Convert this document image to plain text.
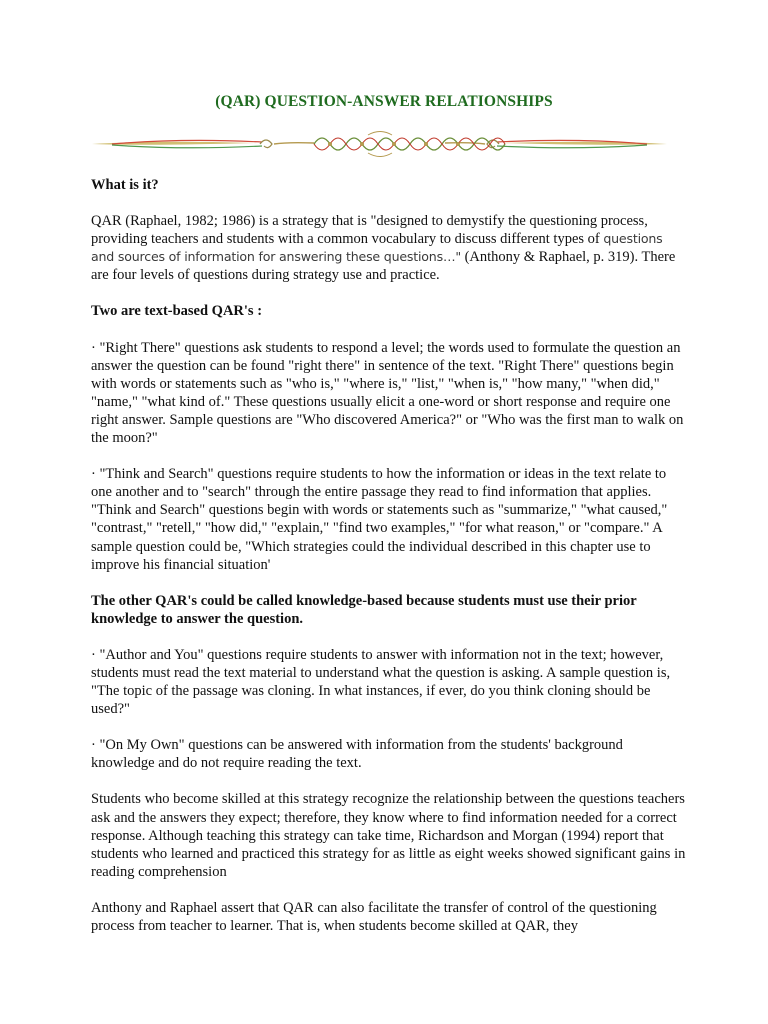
(QAR) QUESTION-ANSWER RELATIONSHIPS

What is it?

QAR (Raphael, 1982; 1986) is a strategy that is "designed to demystify the questioning process, providing teachers and students with a common vocabulary to discuss different types of questions and sources of information for answering these questions…" (Anthony & Raphael, p. 319). There are four levels of questions during strategy use and practice.

Two are text-based QAR's :

· "Right There" questions ask students to respond a level; the words used to formulate the question an answer the question can be found "right there" in sentence of the text. "Right There" questions begin with words or statements such as "who is," "where is," "list," "when is," "how many," "when did," "name," "what kind of." These questions usually elicit a one-word or short response and require one right answer. Sample questions are "Who discovered America?" or "Who was the first man to walk on the moon?"

· "Think and Search" questions require students to how the information or ideas in the text relate to one another and to "search" through the entire passage they read to find information that applies. "Think and Search" questions begin with words or statements such as "summarize," "what caused," "contrast," "retell," "how did," "explain," "find two examples," "for what reason," or "compare." A sample question could be, "Which strategies could the individual described in this chapter use to improve his financial situation'

The other QAR's could be called knowledge-based because students must use their prior knowledge to answer the question.

· "Author and You" questions require students to answer with information not in the text; however, students must read the text material to understand what the question is asking. A sample question is, "The topic of the passage was cloning. In what instances, if ever, do you think cloning should be used?"

· "On My Own" questions can be answered with information from the students' background knowledge and do not require reading the text.

Students who become skilled at this strategy recognize the relationship between the questions teachers ask and the answers they expect; therefore, they know where to find information needed for a correct response. Although teaching this strategy can take time, Richardson and Morgan (1994) report that students who learned and practiced this strategy for as little as eight weeks showed significant gains in reading comprehension

Anthony and Raphael assert that QAR can also facilitate the transfer of control of the questioning process from teacher to learner. That is, when students become skilled at QAR, they
